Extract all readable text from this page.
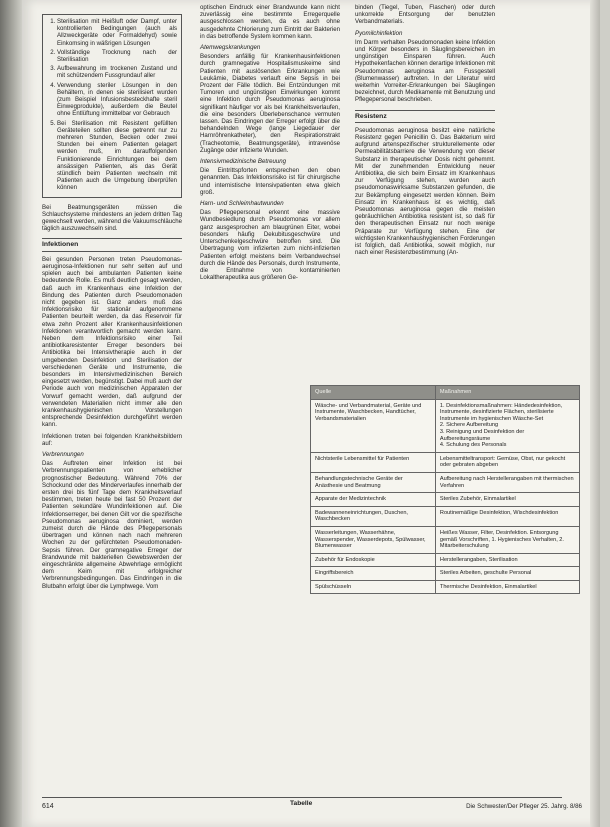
1. Sterilisation mit Heißluft oder Dampf, unter kontrollierten Bedingungen (auch als Allzweckgeräte oder Formaldehyd) sowie Einkomsing in wäßrigen Lösungen
2. Vollständige Trocknung nach der Sterilisation
3. Aufbewahrung im trockenen Zustand und mit schützendem Fussgrundauf aller
4. Verwendung steriler Lösungen in den Behältern, in denen sie sterilisiert wurden (zum Beispiel Infusionsbesteckhafte steril Einwegprodukte), außerdem die Beutel ohne Entlüftung immittelbar vor Gebrauch
5. Bei Sterilisation mit Resistent gefüllten Geräteteilen sollten diese getrennt nur zu mehreren Stunden, Becken oder zwei Stunden bei einem Patienten gelagert werden muß, im darauffolgenden Funktionierende Einrichtungen bei dem ansässigen Patienten, als das Gerät stündlich beim Patienten wechseln mit Patienten auch die Umgebung überprüfen können

Bei Beatmungsgeräten müssen die Schlauchsysteme mindestens an jedem dritten Tag gewechselt werden, während die Vakuumschläuche täglich auszuwechseln sind.

Infektionen

Bei gesunden Personen treten Pseudomonas-aeruginosa-Infektionen nur sehr selten auf und spielen auch bei ambulanten Patienten keine bedeutende Rolle. Es muß deutlich gesagt werden, daß auch im Krankenhaus eine Infektion der Bindung des Patienten durch Pseudomonaden nicht gegeben ist. Ganz anders muß das Infektionsrisiko für stationär aufgenommene Patienten beurteilt werden, da das Reservoir für etwa zehn Prozent aller Krankenhausinfektionen Infektionen verantwortlich gemacht werden kann. Neben dem Infektionsrisiko einer Teil antibiotikaresistenter Erreger besonders bei Antibiotika bei Intensivtherapie auch in der umgebenden Desinfektion und Sterilisation der verschiedenen Geräte und Instrumente, die besonders im Intensivmedizinischen Bereich eingesetzt werden, begünstigt. Dabei muß auch der Periode auch von medizinischen Apparaten der Vorwurf gemacht werden, daß aufgrund der verwendeten Materialien nicht immer alle den krankenhaushygienischen Vorstellungen entsprechende Desinfektion durchgeführt werden kann.

Infektionen treten bei folgenden Krankheitsbildern auf:

Verbrennungen

Das Auftreten einer Infektion ist bei Verbrennungspatienten von erheblicher prognostischer Bedeutung. Während 70% der Schockund oder des Minderverlaufes innerhalb der ersten drei bis fünf Tage dem Krankheitsverlauf bestimmen, treten heute bei fast 50 Prozent der Patienten sekundäre Wundinfektionen auf. Die Infektionserreger, bei denen Gilt vor die spezifische Pseudomonas aeruginosa dominiert, werden zumeist durch die Hände des Pflegepersonals übertragen und können nach nach mehreren Wochen zu der gefürchteten Pseudomonaden-Sepsis führen. Der gramnegative Erreger der Brandwunde mit bakteriellen Gewebswerden der eingeschränkte allgemeine Abwehrlage ermöglicht dem Keim mit erfolgreicher Verbrennungsbedingungen. Das Eindringen in die Blutbahn erfolgt über die Lymphwege. Vom

optischen Eindruck einer Brandwunde kann nicht zuverlässig eine bestimmte Erregerquelle ausgeschlossen werden, da es auch ohne ausgedehnte Chlorierung zum Eintritt der Bakterien in das betroffende System kommen kann.

Atemwegskrankungen

Besonders anfällig für Krankenhausinfektionen durch gramnegative Hospitalismuskeime sind Patienten mit auslösenden Erkrankungen wie Leukämie, Diabetes verlauft eine Sepsis in bei Prozent der Fälle tödlich. Bei Entzündungen mit Tumoren und ungünstigen Einwirkungen kommt eine Infektion durch Pseudomonas aeruginosa signifikant häufiger vor als bei Krankheitsverlaufen, die eine besonders Überlebenschance vermuten lassen. Das Eindringen der Erreger erfolgt über die behandelnden Wege (lange Liegedauer der Harnröhrenkatheter), den Respirationstrakt (Tracheotomie, Beatmungsgeräte), intravenöse Zugänge oder infizierte Wunden.

Intensivmedizinische Betreuung

Die Eintrittspforten entsprechen den oben genannten. Das Infektionsrisiko ist für chirurgische und internistische Intensivpatienten etwa gleich groß.

Harn- und Schleimhautwunden

Das Pflegepersonal erkennt eine massive Wundbesiedlung durch Pseudomonas vor allem ganz ausgesprochen am blaugrünen Eiter, wobei besonders häufig Dekubitusgeschwüre und Unterschenkelgeschwüre betroffen sind. Die Übertragung vom infizierten zum nicht-infizierten Patienten erfolgt meistens beim Verbandwechsel durch die Hände des Personals, durch Instrumente, die Entnahme von kontaminierten Lokaltherapeutika aus größeren Ge-

binden (Tiegel, Tuben, Flaschen) oder durch unkorrekte Entsorgung der benutzten Verbandmaterials.

Pyomilchinfektion

Im Darm verhalten Pseudomonaden keine Infektion und Körper besonders in Säuglingsbereichen im ungünstigen Einsparen führen. Auch Hypothekenfachen können derartige Infektionen mit Pseudomonas aeruginosa am Fussgestell (Blumenwasser) auftreten. In der Literatur wird weiterhin Vorreiter-Erkrankungen bei Säuglingen bezeichnet, durch Medikamente mit Benutzung und Pflegepersonal beschrieben.

Resistenz

Pseudomonas aeruginosa besitzt eine natürliche Resistenz gegen Penicillin G. Das Bakterium wird aufgrund artenspezifischer strukturellemente oder Permeabilitätsbarriere die Verwendung von dieser Substanz in therapeutischer Dosis nicht gehemmt. Mit der zunehmenden Entwicklung neuer Antibiotika, die sich beim Einsatz im Krankenhaus zur Verfügung stehen, wurden auch pseudomonaswirksame Substanzen gefunden, die zur Bekämpfung eingesetzt werden können. Beim Einsatz im Krankenhaus ist es wichtig, daß Pseudomonas aeruginosa gegen die meisten gebräuchlichen Antibiotika resistent ist, so daß für den therapeutischen Einsatz nur noch wenige Präparate zur Verfügung stehen. Eine der wichtigsten Krankenhaushygienischen Forderungen ist folglich, daß Antibiotika, soweit möglich, nur nach einer Resistenzbestimmung (An-

Quelle	Maßnahmen
Wäsche- und Verbandmaterial, Geräte und Instrumente, Waschbecken, Handtücher, Verbandsmaterialien	1. Desinfektionsmaßnahmen: Händedesinfektion, Instrumente, desinfizierte Flächen, sterilisierte Instrumente im hygienischen Wäsche-Set
2. Sichere Aufbereitung
3. Reinigung und Desinfektion der Aufbereitungsräume
4. Schulung des Personals
Nichtsterile Lebensmittel für Patienten	Lebensmitteltransport: Gemüse, Obst, nur gekocht oder gebraten abgeben
Behandlungstechnische Geräte der Anästhesie und Beatmung	Aufbereitung nach Herstellerangaben mit thermischen Verfahren
Apparate der Medizintechnik	Steriles Zubehör, Einmalartikel
Badewanneneinrichtungen, Duschen, Waschbecken	Routinemäßige Desinfektion, Wischdesinfektion
Wasserleitungen, Wasserhähne, Wasserspender, Wasserdepots, Spülwasser, Blumenwasser	Heißes Wasser, Filter, Desinfektion. Entsorgung gemäß Vorschriften, 1. Hygienisches Verhalten, 2. Mitarbeiterschulung
Zubehör für Endoskopie	Herstellerangaben, Sterilisation
Eingriffsbereich	Steriles Arbeiten, geschulte Personal
Spülschüsseln	Thermische Desinfektion, Einmalartikel
Tabelle
614	Die Schwester/Der Pfleger 25. Jahrg. 8/86
